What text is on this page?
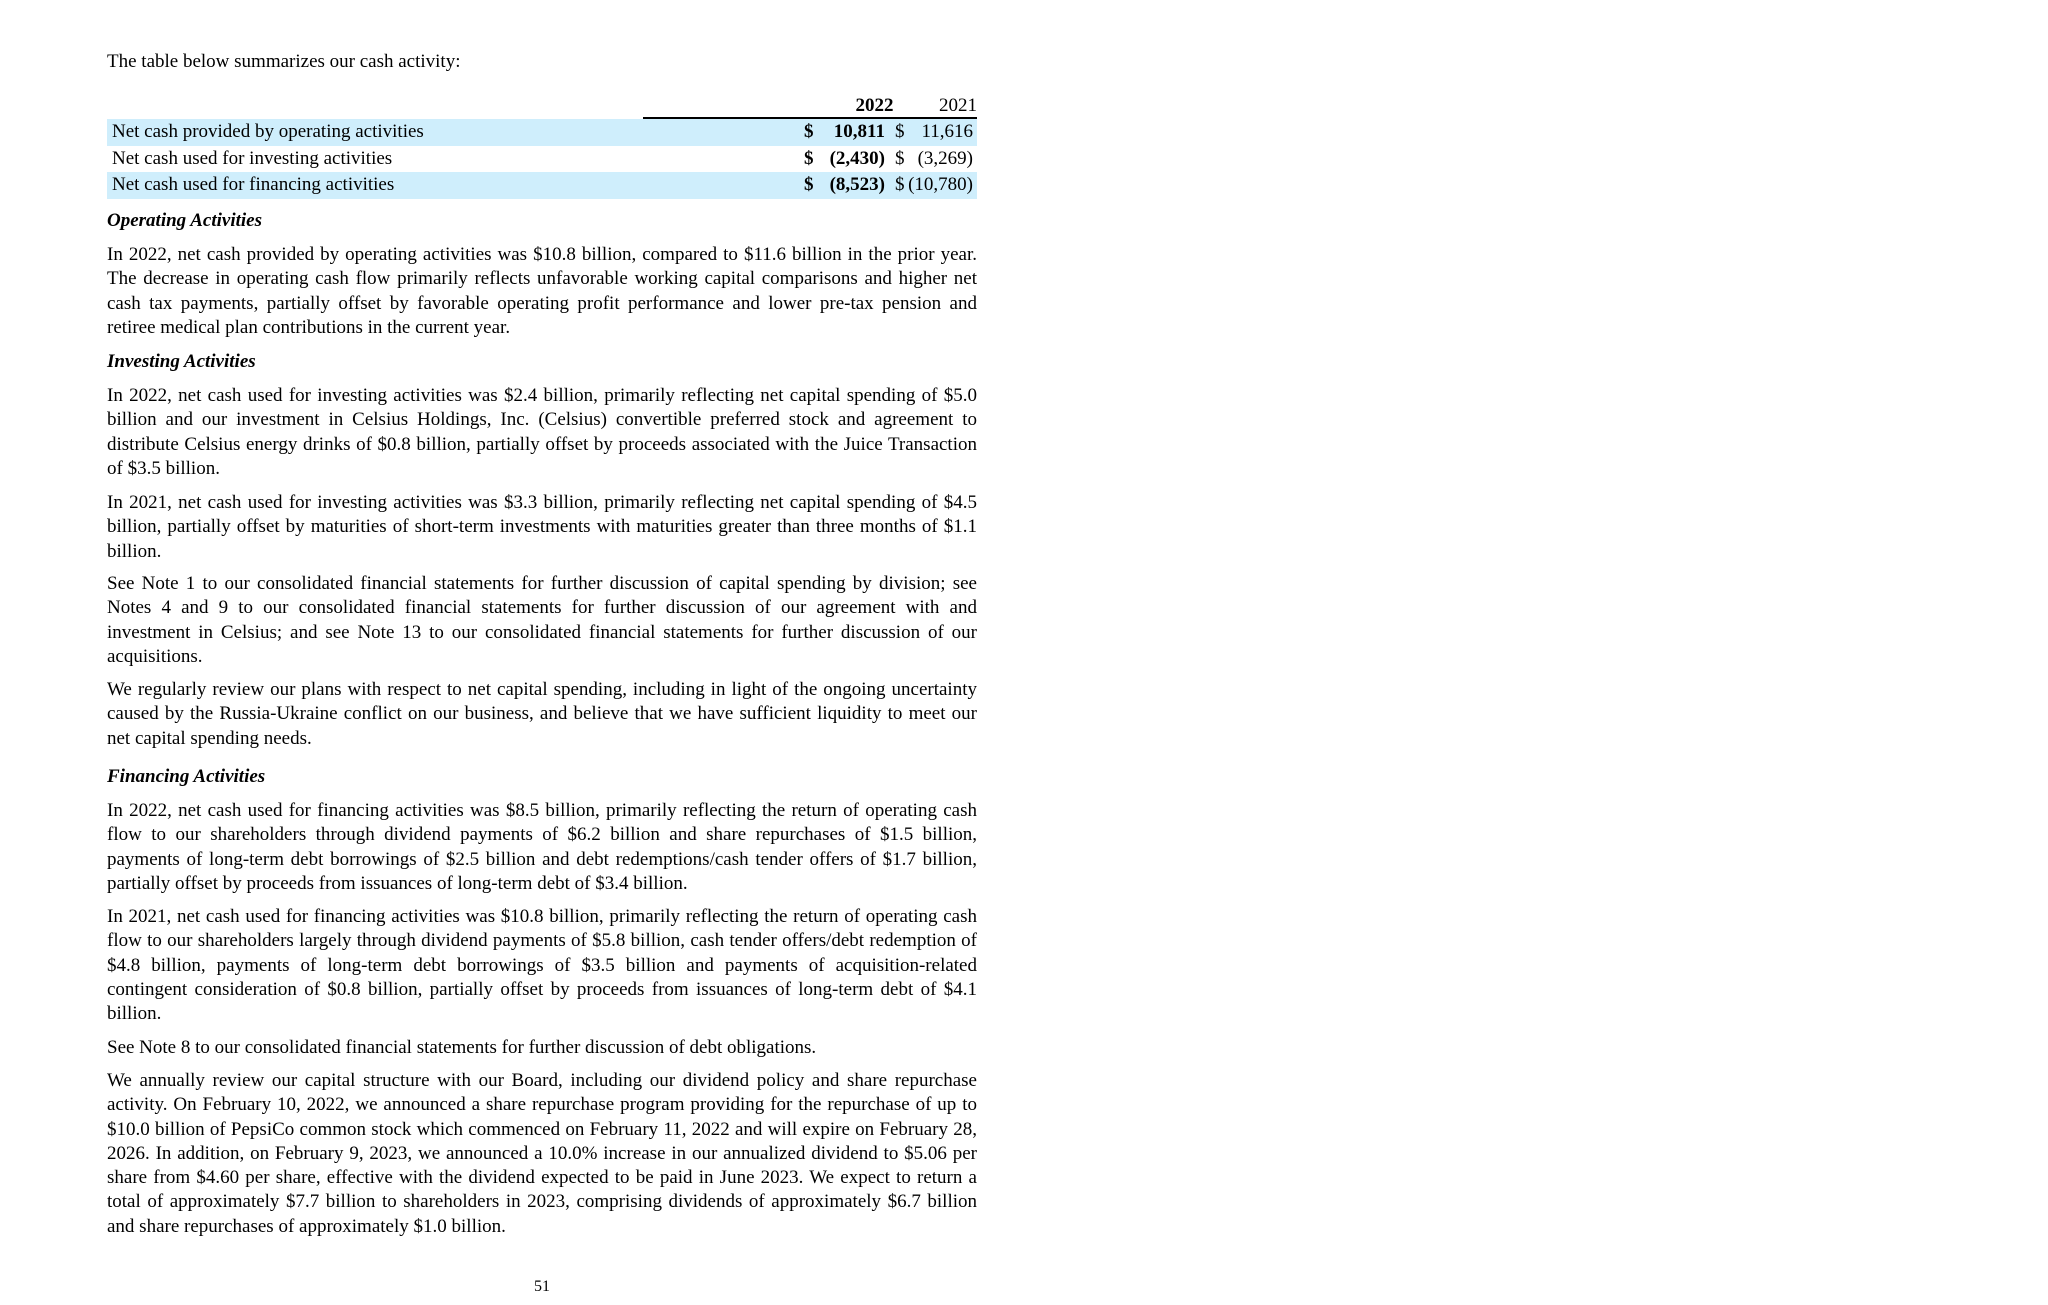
The table below summarizes our cash activity:
2022	2021
Net cash provided by operating activities	$ 10,811 $ 11,616
Net cash used for investing activities	$ (2,430) $ (3,269)
Net cash used for financing activities	$ (8,523) $ (10,780)
Operating Activities

In 2022, net cash provided by operating activities was $10.8 billion, compared to $11.6 billion in the prior year. The decrease in operating cash flow primarily reflects unfavorable working capital comparisons and higher net cash tax payments, partially offset by favorable operating profit performance and lower pre-tax pension and retiree medical plan contributions in the current year.

Investing Activities

In 2022, net cash used for investing activities was $2.4 billion, primarily reflecting net capital spending of $5.0 billion and our investment in Celsius Holdings, Inc. (Celsius) convertible preferred stock and agreement to distribute Celsius energy drinks of $0.8 billion, partially offset by proceeds associated with the Juice Transaction of $3.5 billion.

In 2021, net cash used for investing activities was $3.3 billion, primarily reflecting net capital spending of $4.5 billion, partially offset by maturities of short-term investments with maturities greater than three months of $1.1 billion.

See Note 1 to our consolidated financial statements for further discussion of capital spending by division; see Notes 4 and 9 to our consolidated financial statements for further discussion of our agreement with and investment in Celsius; and see Note 13 to our consolidated financial statements for further discussion of our acquisitions.

We regularly review our plans with respect to net capital spending, including in light of the ongoing uncertainty caused by the Russia-Ukraine conflict on our business, and believe that we have sufficient liquidity to meet our net capital spending needs.

Financing Activities

In 2022, net cash used for financing activities was $8.5 billion, primarily reflecting the return of operating cash flow to our shareholders through dividend payments of $6.2 billion and share repurchases of $1.5 billion, payments of long-term debt borrowings of $2.5 billion and debt redemptions/cash tender offers of $1.7 billion, partially offset by proceeds from issuances of long-term debt of $3.4 billion.

In 2021, net cash used for financing activities was $10.8 billion, primarily reflecting the return of operating cash flow to our shareholders largely through dividend payments of $5.8 billion, cash tender offers/debt redemption of $4.8 billion, payments of long-term debt borrowings of $3.5 billion and payments of acquisition-related contingent consideration of $0.8 billion, partially offset by proceeds from issuances of long-term debt of $4.1 billion.

See Note 8 to our consolidated financial statements for further discussion of debt obligations.

We annually review our capital structure with our Board, including our dividend policy and share repurchase activity. On February 10, 2022, we announced a share repurchase program providing for the repurchase of up to $10.0 billion of PepsiCo common stock which commenced on February 11, 2022 and will expire on February 28, 2026. In addition, on February 9, 2023, we announced a 10.0% increase in our annualized dividend to $5.06 per share from $4.60 per share, effective with the dividend expected to be paid in June 2023. We expect to return a total of approximately $7.7 billion to shareholders in 2023, comprising dividends of approximately $6.7 billion and share repurchases of approximately $1.0 billion.

51
